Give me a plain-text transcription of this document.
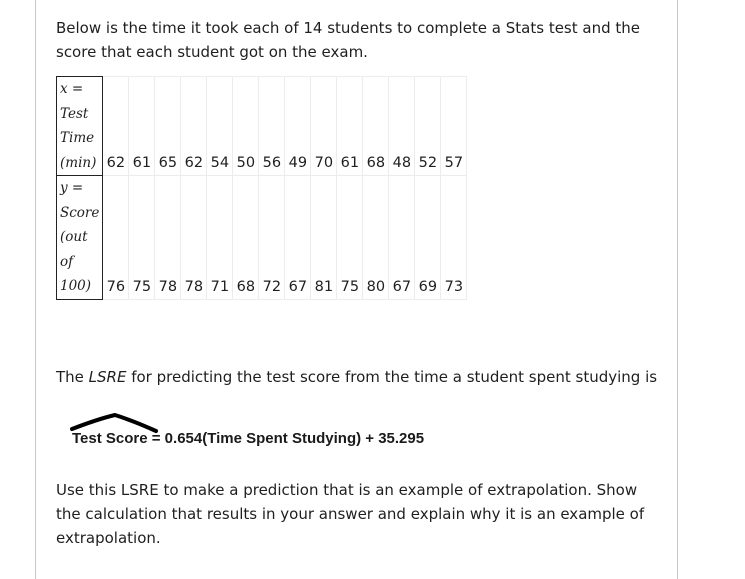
Below is the time it took each of 14 students to complete a Stats test and the score that each student got on the exam.

x =
Test
Time
(min)	62	61	65	62	54	50	56	49	70	61	68	48	52	57

y =
Score
(out
of
100)	76	75	78	78	71	68	72	67	81	75	80	67	69	73

The LSRE for predicting the test score from the time a student spent studying is

Test Score = 0.654(Time Spent Studying) + 35.295

Use this LSRE to make a prediction that is an example of extrapolation. Show the calculation that results in your answer and explain why it is an example of extrapolation.
